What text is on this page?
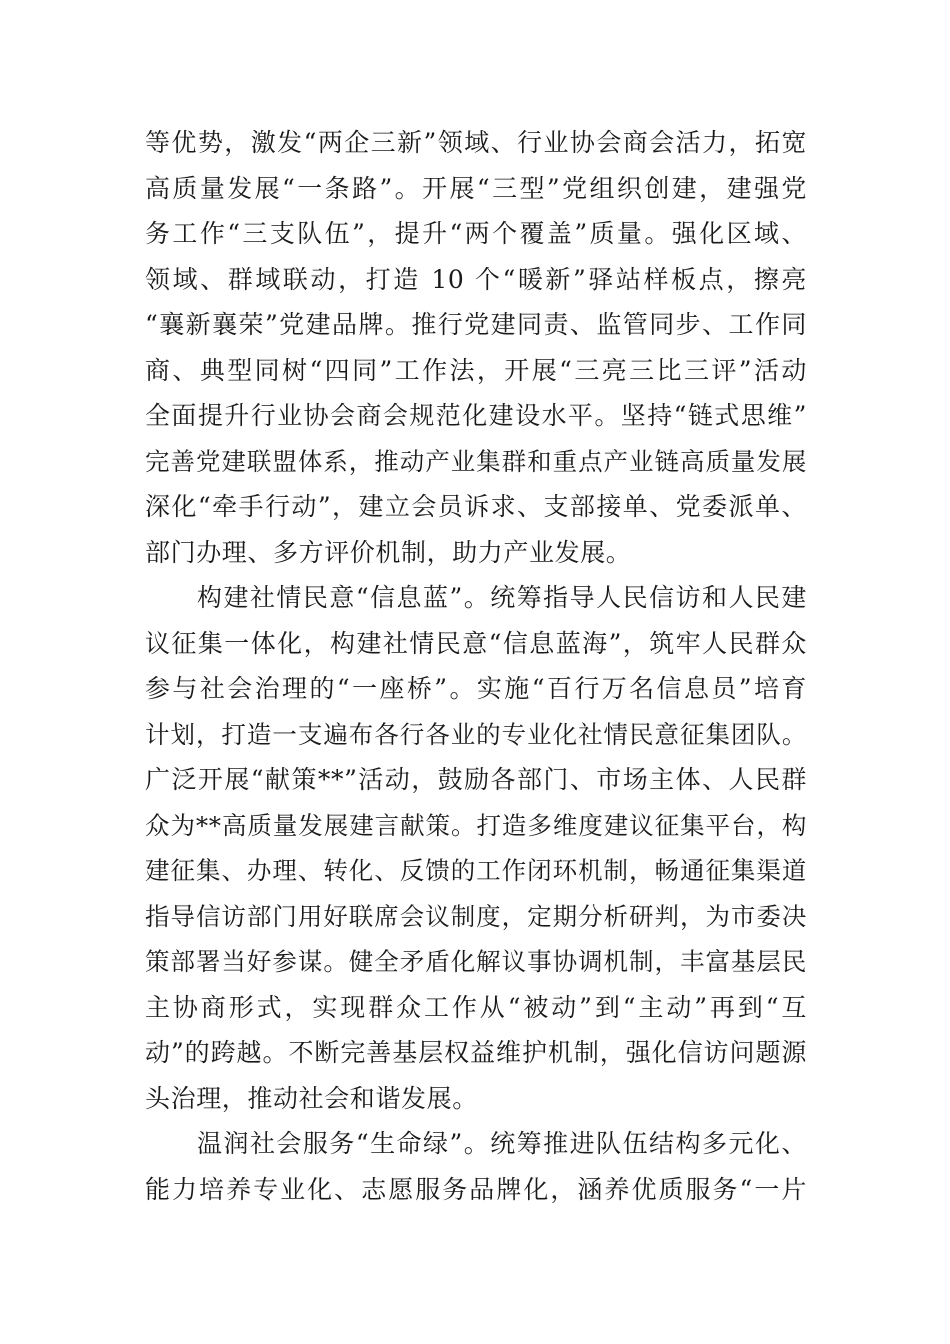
等优势，激发“两企三新”领域、行业协会商会活力，拓宽
高质量发展“一条路”。开展“三型”党组织创建，建强党
务工作“三支队伍”，提升“两个覆盖”质量。强化区域、
领域、群域联动，打造 10 个“暖新”驿站样板点，擦亮
“襄新襄荣”党建品牌。推行党建同责、监管同步、工作同
商、典型同树“四同”工作法，开展“三亮三比三评”活动
全面提升行业协会商会规范化建设水平。坚持“链式思维”
完善党建联盟体系，推动产业集群和重点产业链高质量发展
深化“牵手行动”，建立会员诉求、支部接单、党委派单、
部门办理、多方评价机制，助力产业发展。
构建社情民意“信息蓝”。统筹指导人民信访和人民建
议征集一体化，构建社情民意“信息蓝海”，筑牢人民群众
参与社会治理的“一座桥”。实施“百行万名信息员”培育
计划，打造一支遍布各行各业的专业化社情民意征集团队。
广泛开展“献策**”活动，鼓励各部门、市场主体、人民群
众为**高质量发展建言献策。打造多维度建议征集平台，构
建征集、办理、转化、反馈的工作闭环机制，畅通征集渠道
指导信访部门用好联席会议制度，定期分析研判，为市委决
策部署当好参谋。健全矛盾化解议事协调机制，丰富基层民
主协商形式，实现群众工作从“被动”到“主动”再到“互
动”的跨越。不断完善基层权益维护机制，强化信访问题源
头治理，推动社会和谐发展。
温润社会服务“生命绿”。统筹推进队伍结构多元化、
能力培养专业化、志愿服务品牌化，涵养优质服务“一片
